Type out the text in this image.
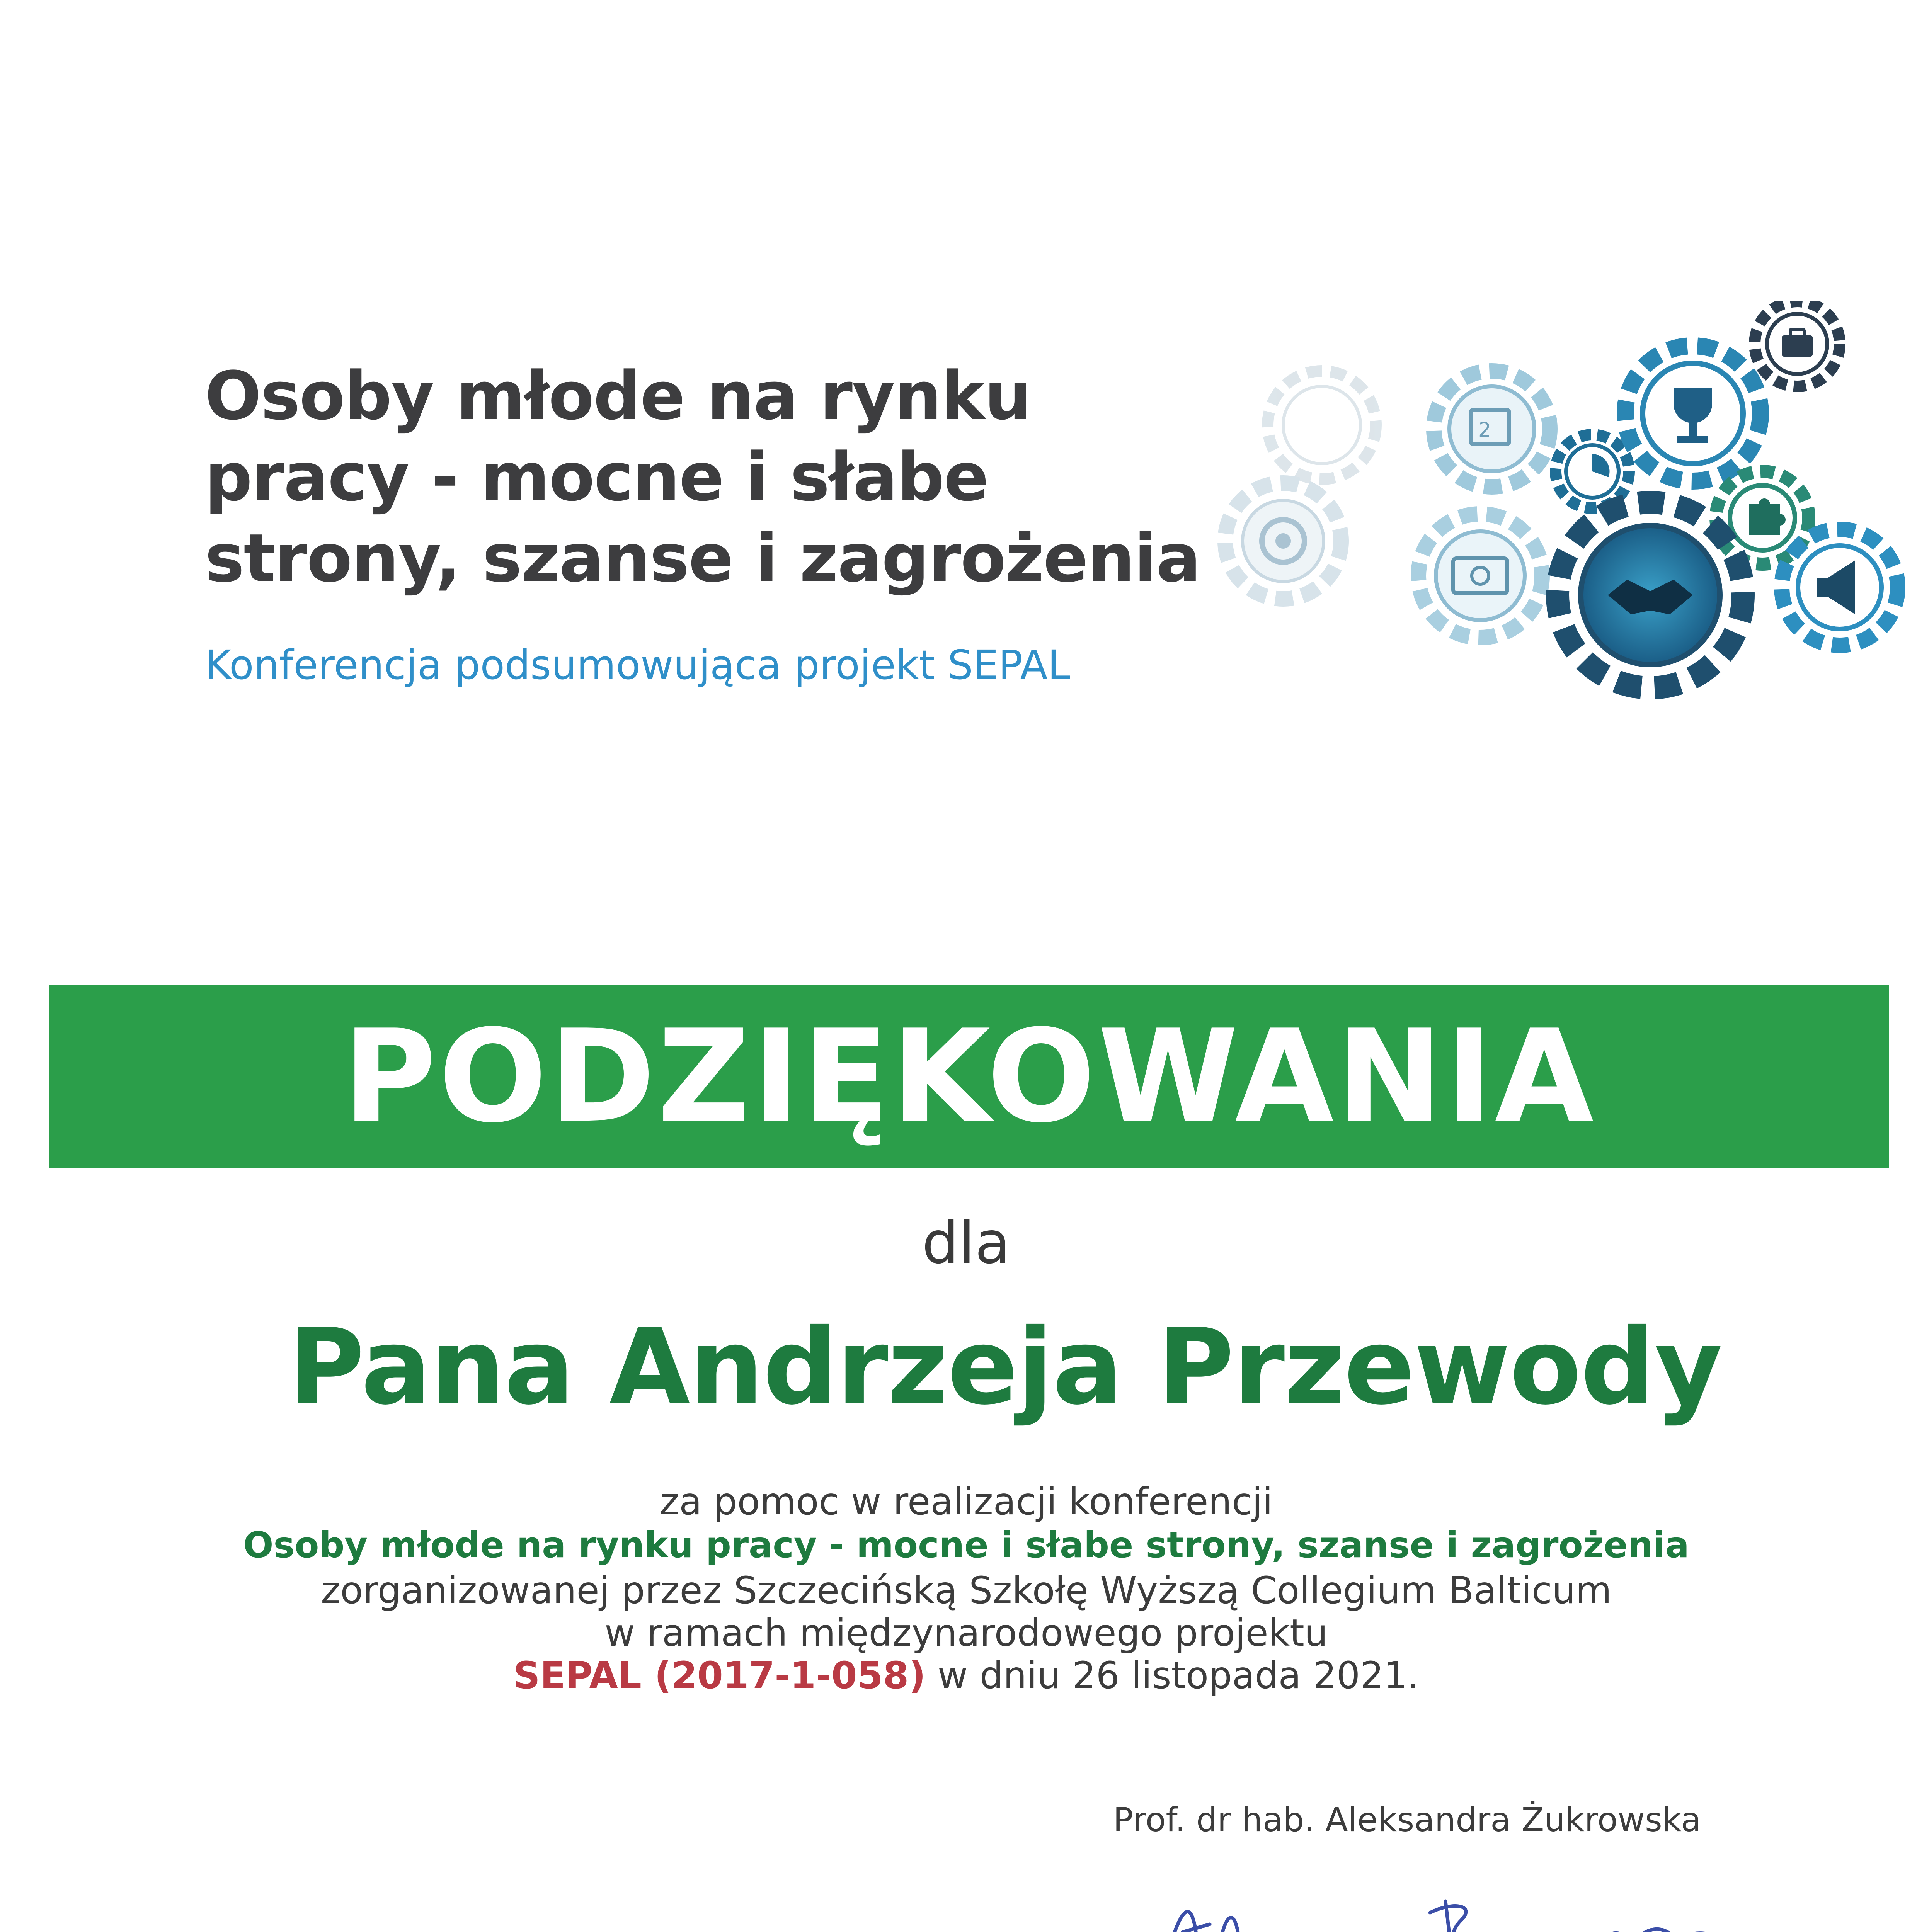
Osoby młode na rynku
pracy - mocne i słabe
strony, szanse i zagrożenia
Konferencja podsumowująca projekt SEPAL
2
PODZIĘKOWANIA
dla
Pana Andrzeja Przewody
za pomoc w realizacji konferencji
Osoby młode na rynku pracy - mocne i słabe strony, szanse i zagrożenia
zorganizowanej przez Szczecińską Szkołę Wyższą Collegium Balticum
w ramach międzynarodowego projektu
SEPAL (2017-1-058) w dniu 26 listopada 2021.
Prof. dr hab. Aleksandra Żukrowska
